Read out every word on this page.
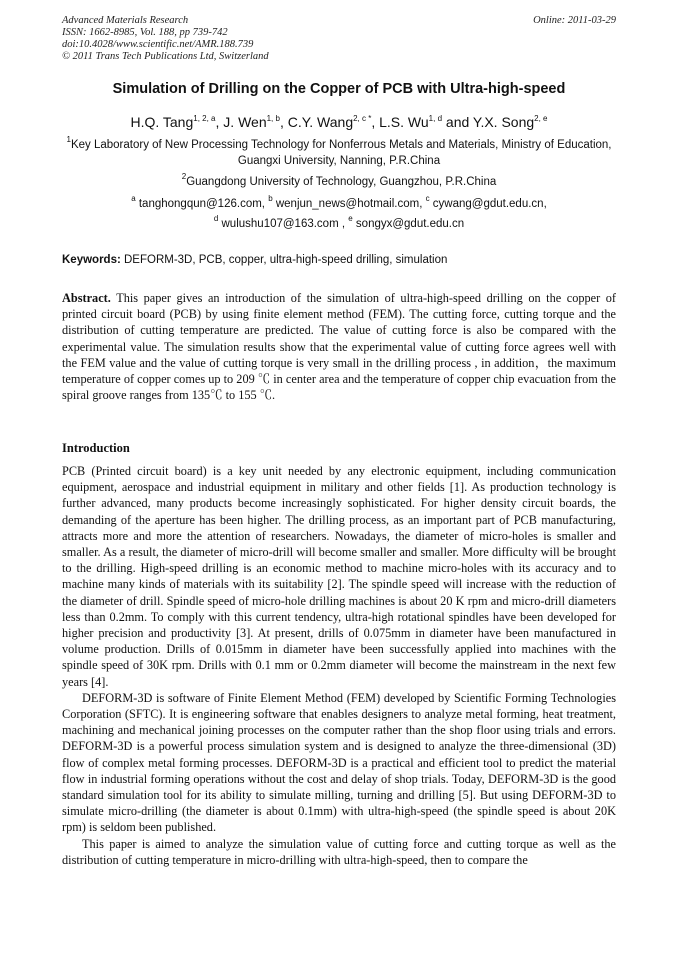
Advanced Materials Research
ISSN: 1662-8985, Vol. 188, pp 739-742
doi:10.4028/www.scientific.net/AMR.188.739
© 2011 Trans Tech Publications Ltd, Switzerland
Online: 2011-03-29
Simulation of Drilling on the Copper of PCB with Ultra-high-speed
H.Q. Tang$^{1, 2, a}$, J. Wen$^{1, b}$, C.Y. Wang$^{2, c *}$, L.S. Wu$^{1, d}$ and Y.X. Song$^{2, e}$
$^1$Key Laboratory of New Processing Technology for Nonferrous Metals and Materials, Ministry of Education, Guangxi University, Nanning, P.R.China
$^2$Guangdong University of Technology, Guangzhou, P.R.China
$^a$ tanghongqun@126.com, $^b$ wenjun_news@hotmail.com, $^c$ cywang@gdut.edu.cn,
$^d$ wulushu107@163.com , $^e$ songyx@gdut.edu.cn
Keywords: DEFORM-3D, PCB, copper, ultra-high-speed drilling, simulation

Abstract. This paper gives an introduction of the simulation of ultra-high-speed drilling on the copper of printed circuit board (PCB) by using finite element method (FEM). The cutting force, cutting torque and the distribution of cutting temperature are predicted. The value of cutting force is also be compared with the experimental value. The simulation results show that the experimental value of cutting force agrees well with the FEM value and the value of cutting torque is very small in the drilling process , in addition，the maximum temperature of copper comes up to 209 ℃ in center area and the temperature of copper chip evacuation from the spiral groove ranges from 135℃ to 155 ℃.

Introduction

PCB (Printed circuit board) is a key unit needed by any electronic equipment, including communication equipment, aerospace and industrial equipment in military and other fields [1]. As production technology is further advanced, many products become increasingly sophisticated. For higher density circuit boards, the demanding of the aperture has been higher. The drilling process, as an important part of PCB manufacturing, attracts more and more the attention of researchers. Nowadays, the diameter of micro-holes is smaller and smaller. As a result, the diameter of micro-drill will become smaller and smaller. More difficulty will be brought to the drilling. High-speed drilling is an economic method to machine micro-holes with its accuracy and to machine many kinds of materials with its suitability [2]. The spindle speed will increase with the reduction of the diameter of drill. Spindle speed of micro-hole drilling machines is about 20 K rpm and micro-drill diameters less than 0.2mm. To comply with this current tendency, ultra-high rotational spindles have been developed for higher precision and productivity [3]. At present, drills of 0.075mm in diameter have been manufactured in volume production. Drills of 0.015mm in diameter have been successfully applied into machines with the spindle speed of 30K rpm. Drills with 0.1 mm or 0.2mm diameter will become the mainstream in the next few years [4].

DEFORM-3D is software of Finite Element Method (FEM) developed by Scientific Forming Technologies Corporation (SFTC). It is engineering software that enables designers to analyze metal forming, heat treatment, machining and mechanical joining processes on the computer rather than the shop floor using trials and errors. DEFORM-3D is a powerful process simulation system and is designed to analyze the three-dimensional (3D) flow of complex metal forming processes. DEFORM-3D is a practical and efficient tool to predict the material flow in industrial forming operations without the cost and delay of shop trials. Today, DEFORM-3D is the good standard simulation tool for its ability to simulate milling, turning and drilling [5]. But using DEFORM-3D to simulate micro-drilling (the diameter is about 0.1mm) with ultra-high-speed (the spindle speed is about 20K rpm) is seldom been published.

This paper is aimed to analyze the simulation value of cutting force and cutting torque as well as the distribution of cutting temperature in micro-drilling with ultra-high-speed, then to compare the
